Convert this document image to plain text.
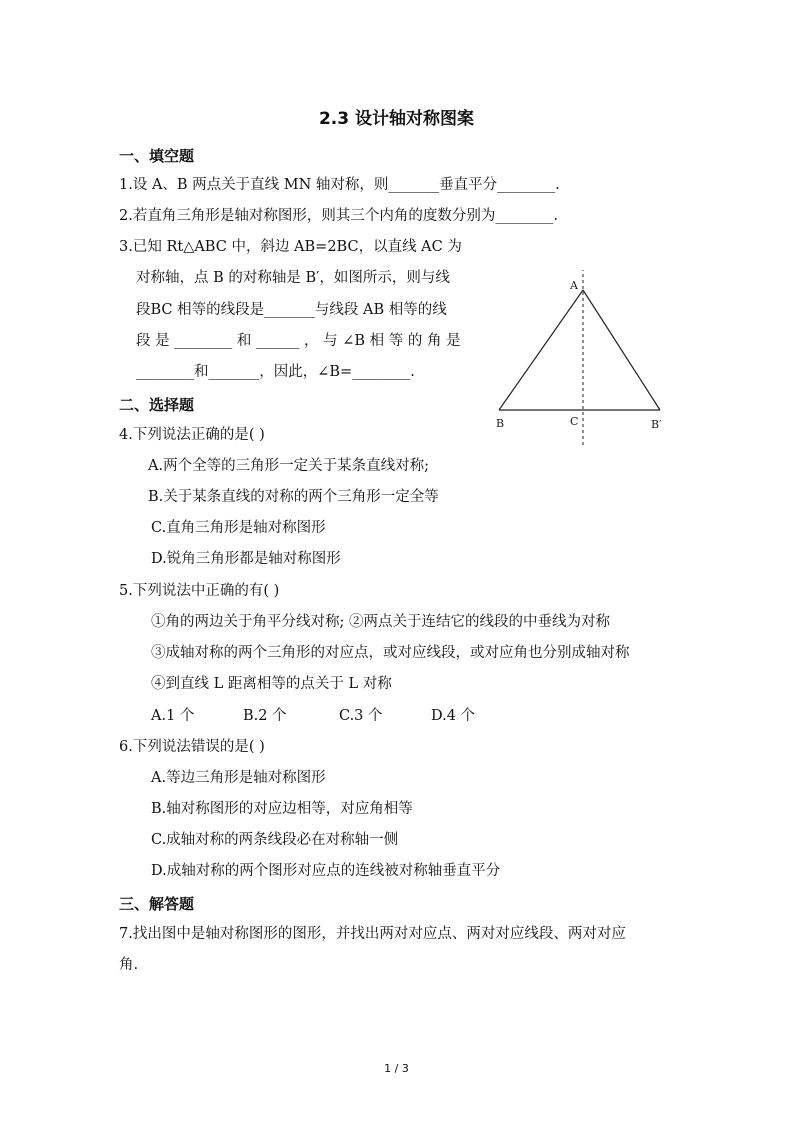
2.3 设计轴对称图案
一、填空题
1.设 A、B 两点关于直线 MN 轴对称，则_______垂直平分________.
2.若直角三角形是轴对称图形，则其三个内角的度数分别为________.
3.已知 Rt△ABC 中，斜边 AB=2BC，以直线 AC 为
对称轴，点 B 的对称轴是 B′，如图所示，则与线
段BC 相等的线段是_______与线段 AB 相等的线
段 是 ________ 和 ______ ， 与 ∠B 相 等 的 角 是
________和_______，因此，∠B=________.
A
B	C	B′
二、选择题
4.下列说法正确的是( )
A.两个全等的三角形一定关于某条直线对称;
B.关于某条直线的对称的两个三角形一定全等
C.直角三角形是轴对称图形
D.锐角三角形都是轴对称图形
5.下列说法中正确的有( )
①角的两边关于角平分线对称; ②两点关于连结它的线段的中垂线为对称
③成轴对称的两个三角形的对应点，或对应线段，或对应角也分别成轴对称
④到直线 L 距离相等的点关于 L 对称
A.1 个	B.2 个	C.3 个	D.4 个
6.下列说法错误的是( )
A.等边三角形是轴对称图形
B.轴对称图形的对应边相等，对应角相等
C.成轴对称的两条线段必在对称轴一侧
D.成轴对称的两个图形对应点的连线被对称轴垂直平分
三、解答题
7.找出图中是轴对称图形的图形，并找出两对对应点、两对对应线段、两对对应
角.
1 / 3
